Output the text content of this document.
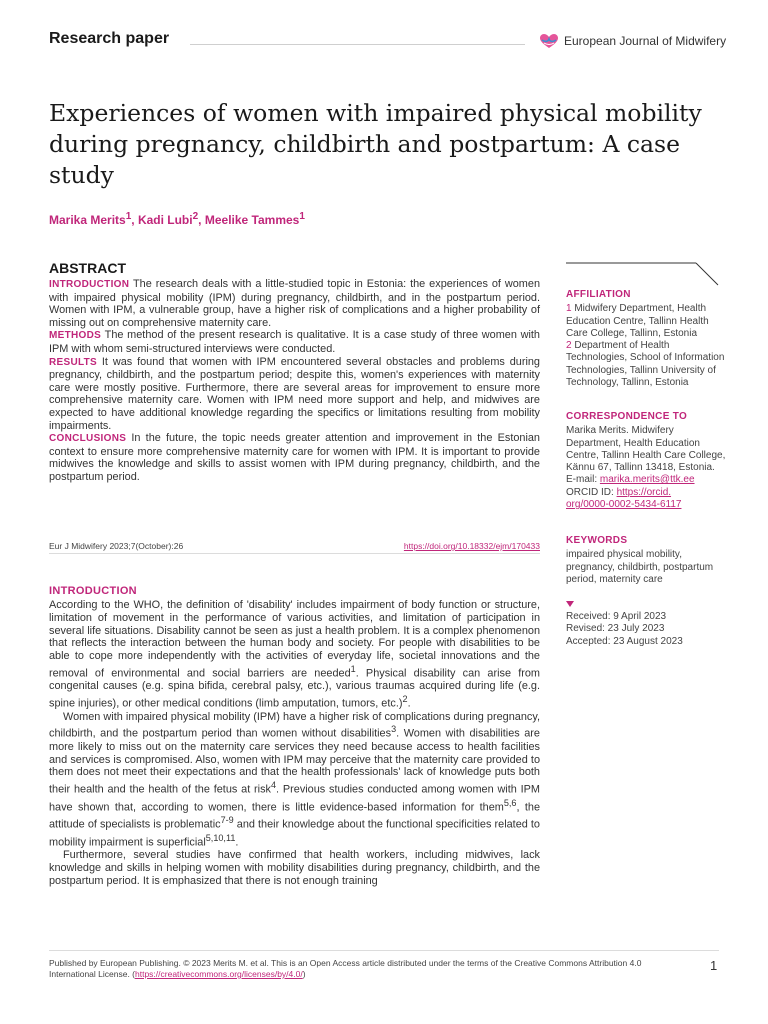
Research paper	European Journal of Midwifery
Experiences of women with impaired physical mobility during pregnancy, childbirth and postpartum: A case study
Marika Merits$^1$, Kadi Lubi$^2$, Meelike Tammes$^1$
ABSTRACT

INTRODUCTION The research deals with a little-studied topic in Estonia: the experiences of women with impaired physical mobility (IPM) during pregnancy, childbirth, and in the postpartum period. Women with IPM, a vulnerable group, have a higher risk of complications and a higher probability of missing out on comprehensive maternity care.

METHODS The method of the present research is qualitative. It is a case study of three women with IPM with whom semi-structured interviews were conducted.

RESULTS It was found that women with IPM encountered several obstacles and problems during pregnancy, childbirth, and the postpartum period; despite this, women's experiences with maternity care were mostly positive. Furthermore, there are several areas for improvement to ensure more comprehensive maternity care. Women with IPM need more support and help, and midwives are expected to have additional knowledge regarding the specifics or limitations resulting from mobility impairments.

CONCLUSIONS In the future, the topic needs greater attention and improvement in the Estonian context to ensure more comprehensive maternity care for women with IPM. It is important to provide midwives the knowledge and skills to assist women with IPM during pregnancy, childbirth, and the postpartum period.

Eur J Midwifery 2023;7(October):26	https://doi.org/10.18332/ejm/170433
INTRODUCTION

According to the WHO, the definition of 'disability' includes impairment of body function or structure, limitation of movement in the performance of various activities, and limitation of participation in several life situations. Disability cannot be seen as just a health problem. It is a complex phenomenon that reflects the interaction between the human body and society. For people with disabilities to be able to cope more independently with the activities of everyday life, societal innovations and the removal of environmental and social barriers are needed$^1$. Physical disability can arise from congenital causes (e.g. spina bifida, cerebral palsy, etc.), various traumas acquired during life (e.g. spine injuries), or other medical conditions (limb amputation, tumors, etc.)$^2$.

Women with impaired physical mobility (IPM) have a higher risk of complications during pregnancy, childbirth, and the postpartum period than women without disabilities$^3$. Women with disabilities are more likely to miss out on the maternity care services they need because access to health facilities and services is compromised. Also, women with IPM may perceive that the maternity care provided to them does not meet their expectations and that the health professionals' lack of knowledge puts both their health and the health of the fetus at risk$^4$. Previous studies conducted among women with IPM have shown that, according to women, there is little evidence-based information for them$^{5,6}$, the attitude of specialists is problematic$^{7-9}$ and their knowledge about the functional specificities related to mobility impairment is superficial$^{5,10,11}$.

Furthermore, several studies have confirmed that health workers, including midwives, lack knowledge and skills in helping women with mobility disabilities during pregnancy, childbirth, and the postpartum period. It is emphasized that there is not enough training

AFFILIATION
1 Midwifery Department, Health Education Centre, Tallinn Health Care College, Tallinn, Estonia
2 Department of Health Technologies, School of Information Technologies, Tallinn University of Technology, Tallinn, Estonia
CORRESPONDENCE TO
Marika Merits. Midwifery Department, Health Education Centre, Tallinn Health Care College, Kännu 67, Tallinn 13418, Estonia.
E-mail: marika.merits@ttk.ee
ORCID ID: https://orcid.
org/0000-0002-5434-6117
KEYWORDS
impaired physical mobility, pregnancy, childbirth, postpartum period, maternity care
Received: 9 April 2023
Revised: 23 July 2023
Accepted: 23 August 2023
Published by European Publishing. © 2023 Merits M. et al. This is an Open Access article distributed under the terms of the Creative Commons Attribution 4.0 International License. (https://creativecommons.org/licenses/by/4.0/)
1
